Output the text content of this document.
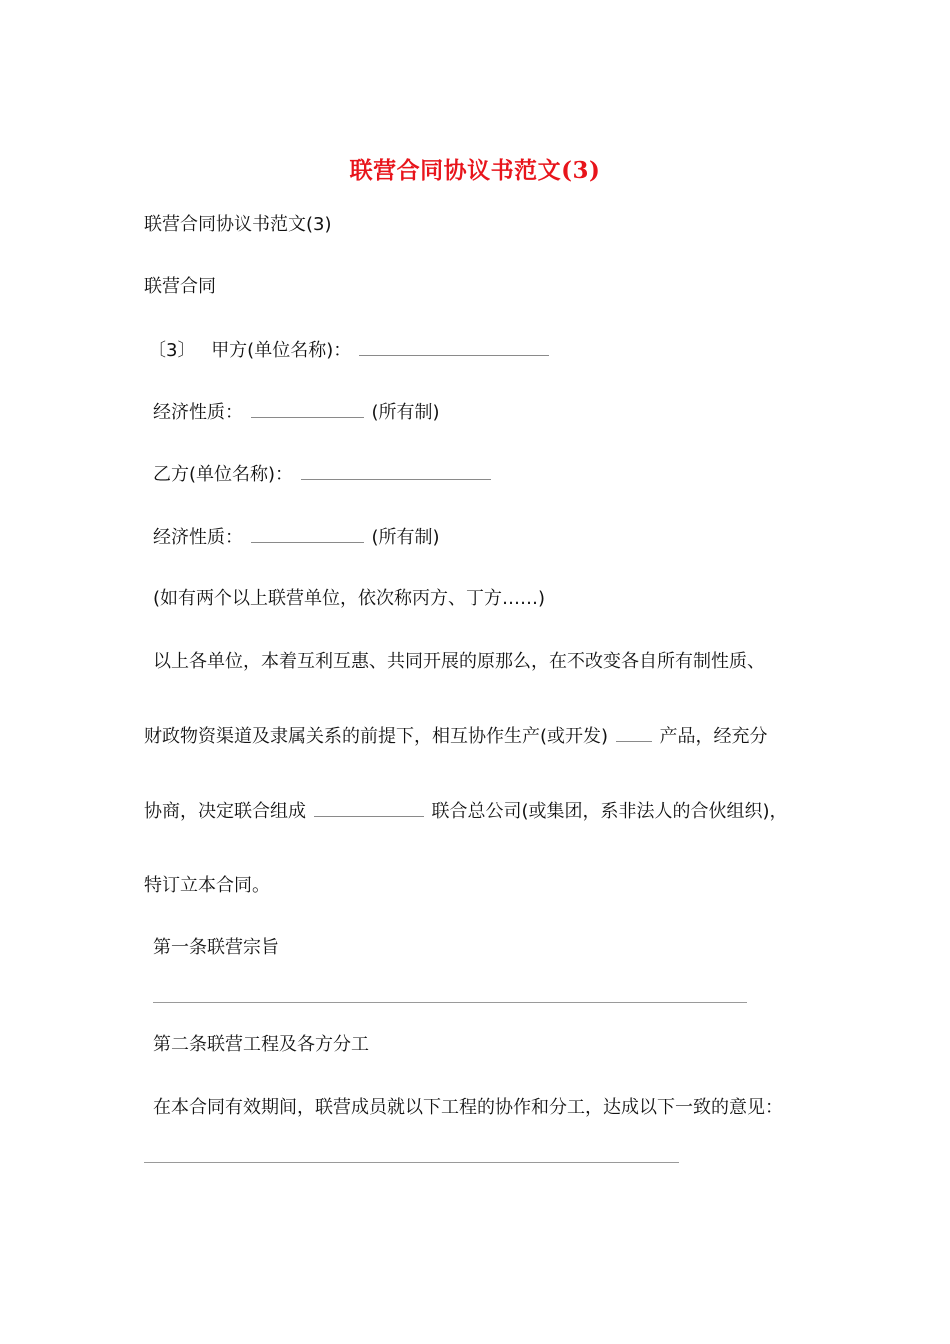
联营合同协议书范文(3)
联营合同协议书范文(3)
联营合同
〔3〕 甲方(单位名称)：
经济性质：	(所有制)
乙方(单位名称)：
经济性质：	(所有制)
(如有两个以上联营单位，依次称丙方、丁方……)
以上各单位，本着互利互惠、共同开展的原那么，在不改变各自所有制性质、
财政物资渠道及隶属关系的前提下，相互协作生产(或开发)	产品，经充分
协商，决定联合组成	联合总公司(或集团，系非法人的合伙组织)，
特订立本合同。
第一条联营宗旨
第二条联营工程及各方分工
在本合同有效期间，联营成员就以下工程的协作和分工，达成以下一致的意见：
